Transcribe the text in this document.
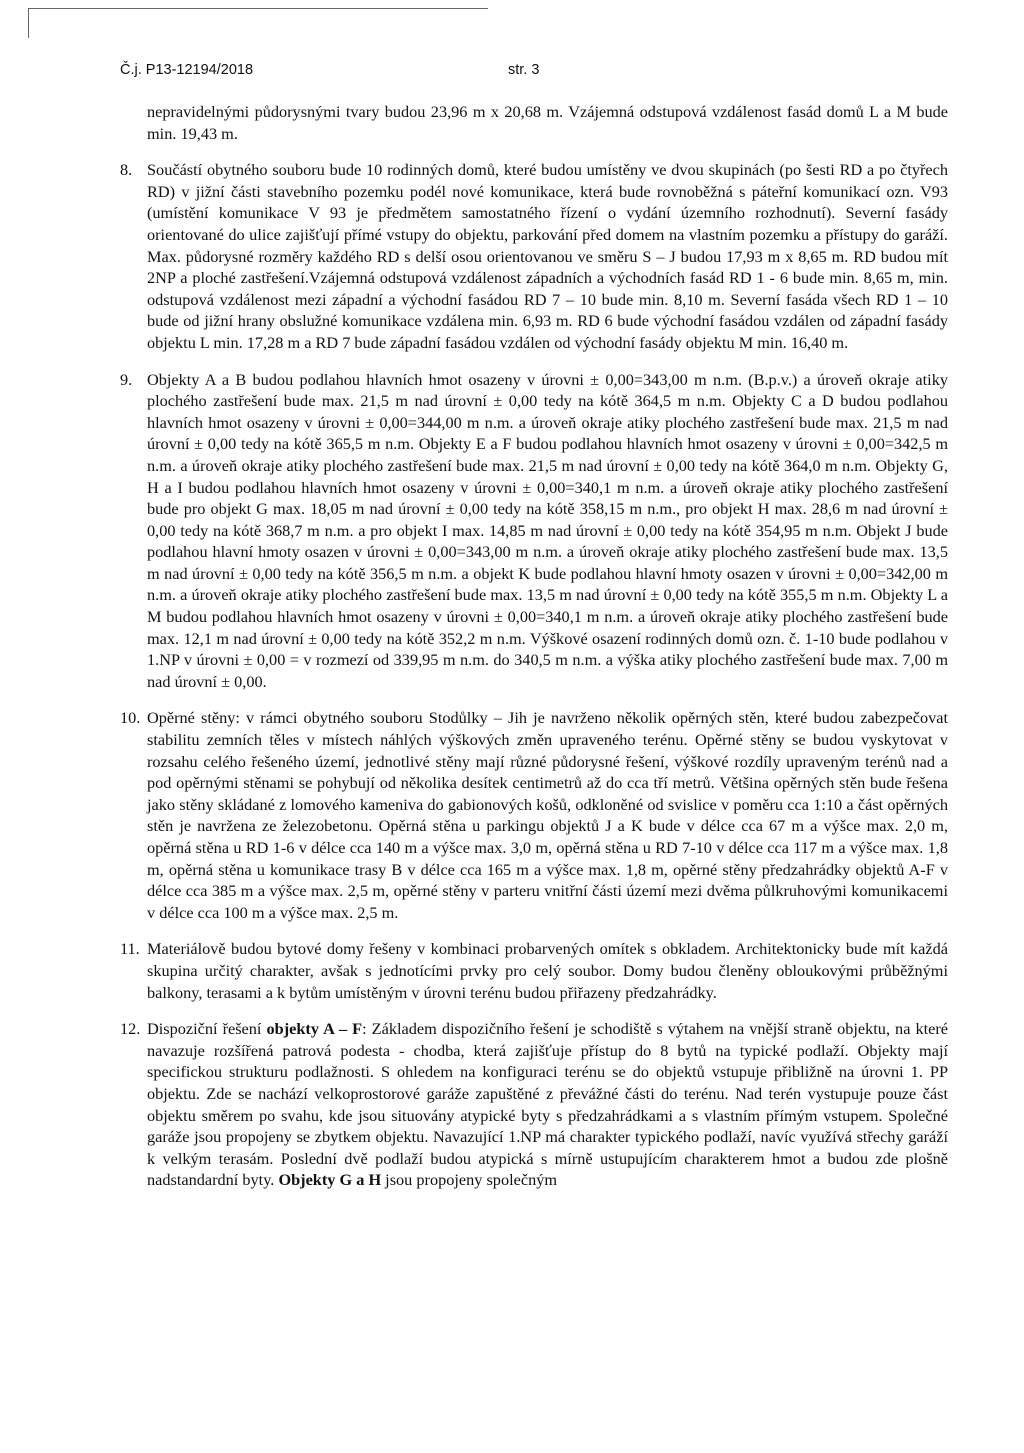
Č.j. P13-12194/2018	str. 3
nepravidelnými půdorysnými tvary budou 23,96 m x 20,68 m. Vzájemná odstupová vzdálenost fasád domů L a M bude min. 19,43 m.
8. Součástí obytného souboru bude 10 rodinných domů, které budou umístěny ve dvou skupinách (po šesti RD a po čtyřech RD) v jižní části stavebního pozemku podél nové komunikace, která bude rovnoběžná s páteřní komunikací ozn. V93 (umístění komunikace V 93 je předmětem samostatného řízení o vydání územního rozhodnutí). Severní fasády orientované do ulice zajišťují přímé vstupy do objektu, parkování před domem na vlastním pozemku a přístupy do garáží. Max. půdorysné rozměry každého RD s delší osou orientovanou ve směru S – J budou 17,93 m x 8,65 m. RD budou mít 2NP a ploché zastřešení.Vzájemná odstupová vzdálenost západních a východních fasád RD 1 - 6 bude min. 8,65 m, min. odstupová vzdálenost mezi západní a východní fasádou RD 7 – 10 bude min. 8,10 m. Severní fasáda všech RD 1 – 10 bude od jižní hrany obslužné komunikace vzdálena min. 6,93 m. RD 6 bude východní fasádou vzdálen od západní fasády objektu L min. 17,28 m a RD 7 bude západní fasádou vzdálen od východní fasády objektu M min. 16,40 m.
9. Objekty A a B budou podlahou hlavních hmot osazeny v úrovni ± 0,00=343,00 m n.m. (B.p.v.) a úroveň okraje atiky plochého zastřešení bude max. 21,5 m nad úrovní ± 0,00 tedy na kótě 364,5 m n.m. Objekty C a D budou podlahou hlavních hmot osazeny v úrovni ± 0,00=344,00 m n.m. a úroveň okraje atiky plochého zastřešení bude max. 21,5 m nad úrovní ± 0,00 tedy na kótě 365,5 m n.m. Objekty E a F budou podlahou hlavních hmot osazeny v úrovni ± 0,00=342,5 m n.m. a úroveň okraje atiky plochého zastřešení bude max. 21,5 m nad úrovní ± 0,00 tedy na kótě 364,0 m n.m. Objekty G, H a I budou podlahou hlavních hmot osazeny v úrovni ± 0,00=340,1 m n.m. a úroveň okraje atiky plochého zastřešení bude pro objekt G max. 18,05 m nad úrovní ± 0,00 tedy na kótě 358,15 m n.m., pro objekt H max. 28,6 m nad úrovní ± 0,00 tedy na kótě 368,7 m n.m. a pro objekt I max. 14,85 m nad úrovní ± 0,00 tedy na kótě 354,95 m n.m. Objekt J bude podlahou hlavní hmoty osazen v úrovni ± 0,00=343,00 m n.m. a úroveň okraje atiky plochého zastřešení bude max. 13,5 m nad úrovní ± 0,00 tedy na kótě 356,5 m n.m. a objekt K bude podlahou hlavní hmoty osazen v úrovni ± 0,00=342,00 m n.m. a úroveň okraje atiky plochého zastřešení bude max. 13,5 m nad úrovní ± 0,00 tedy na kótě 355,5 m n.m. Objekty L a M budou podlahou hlavních hmot osazeny v úrovni ± 0,00=340,1 m n.m. a úroveň okraje atiky plochého zastřešení bude max. 12,1 m nad úrovní ± 0,00 tedy na kótě 352,2 m n.m. Výškové osazení rodinných domů ozn. č. 1-10 bude podlahou v 1.NP v úrovni ± 0,00 = v rozmezí od 339,95 m n.m. do 340,5 m n.m. a výška atiky plochého zastřešení bude max. 7,00 m nad úrovní ± 0,00.
10. Opěrné stěny: v rámci obytného souboru Stodůlky – Jih je navrženo několik opěrných stěn, které budou zabezpečovat stabilitu zemních těles v místech náhlých výškových změn upraveného terénu. Opěrné stěny se budou vyskytovat v rozsahu celého řešeného území, jednotlivé stěny mají různé půdorysné řešení, výškové rozdíly upraveným terénů nad a pod opěrnými stěnami se pohybují od několika desítek centimetrů až do cca tří metrů. Většina opěrných stěn bude řešena jako stěny skládané z lomového kameniva do gabionových košů, odkloněné od svislice v poměru cca 1:10 a část opěrných stěn je navržena ze železobetonu. Opěrná stěna u parkingu objektů J a K bude v délce cca 67 m a výšce max. 2,0 m, opěrná stěna u RD 1-6 v délce cca 140 m a výšce max. 3,0 m, opěrná stěna u RD 7-10 v délce cca 117 m a výšce max. 1,8 m, opěrná stěna u komunikace trasy B v délce cca 165 m a výšce max. 1,8 m, opěrné stěny předzahrádky objektů A-F v délce cca 385 m a výšce max. 2,5 m, opěrné stěny v parteru vnitřní části území mezi dvěma půlkruhovými komunikacemi v délce cca 100 m a výšce max. 2,5 m.
11. Materiálově budou bytové domy řešeny v kombinaci probarvených omítek s obkladem. Architektonicky bude mít každá skupina určitý charakter, avšak s jednotícími prvky pro celý soubor. Domy budou členěny obloukovými průběžnými balkony, terasami a k bytům umístěným v úrovni terénu budou přiřazeny předzahrádky.
12. Dispoziční řešení objekty A – F: Základem dispozičního řešení je schodiště s výtahem na vnější straně objektu, na které navazuje rozšířená patrová podesta - chodba, která zajišťuje přístup do 8 bytů na typické podlaží. Objekty mají specifickou strukturu podlažnosti. S ohledem na konfiguraci terénu se do objektů vstupuje přibližně na úrovni 1. PP objektu. Zde se nachází velkoprostorové garáže zapuštěné z převážné části do terénu. Nad terén vystupuje pouze část objektu směrem po svahu, kde jsou situovány atypické byty s předzahrádkami a s vlastním přímým vstupem. Společné garáže jsou propojeny se zbytkem objektu. Navazující 1.NP má charakter typického podlaží, navíc využívá střechy garáží k velkým terasám. Poslední dvě podlaží budou atypická s mírně ustupujícím charakterem hmot a budou zde plošně nadstandardní byty. Objekty G a H jsou propojeny společným
